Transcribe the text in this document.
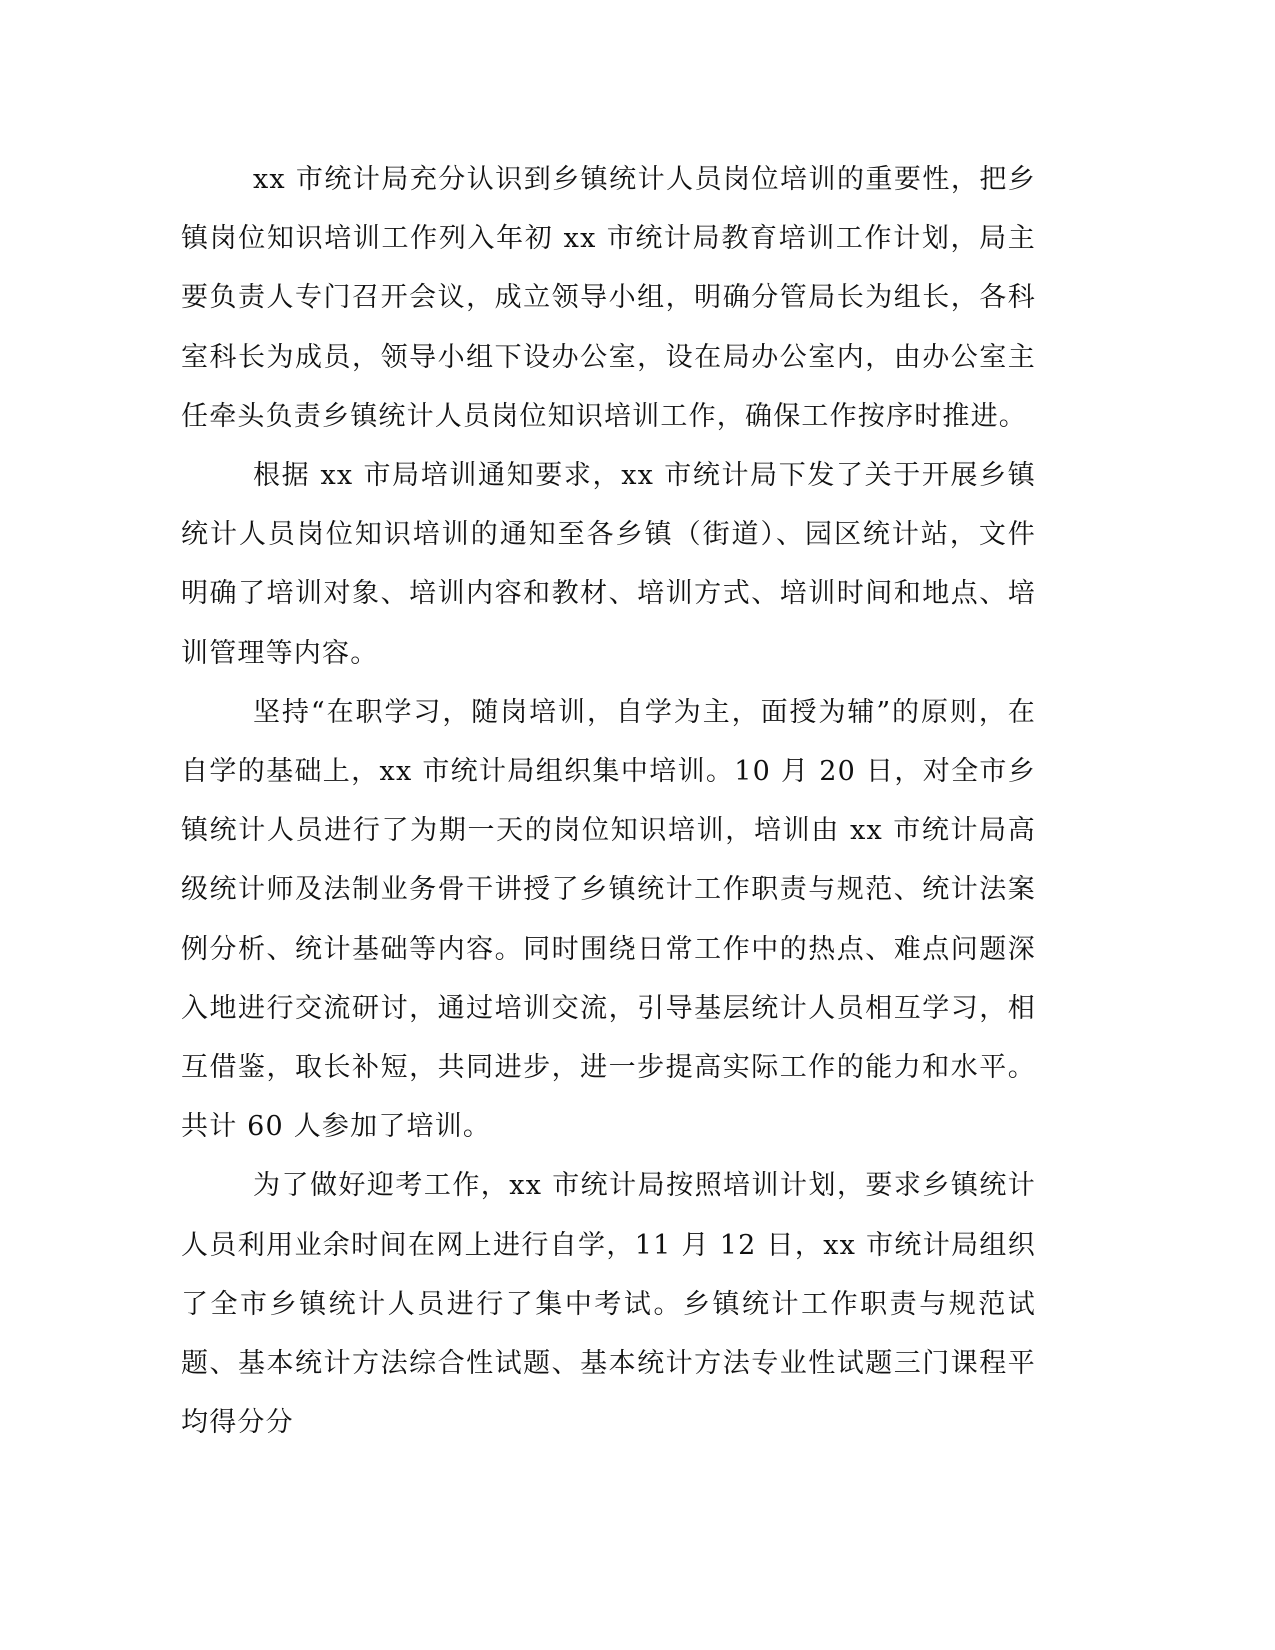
xx 市统计局充分认识到乡镇统计人员岗位培训的重要性，把乡镇岗位知识培训工作列入年初 xx 市统计局教育培训工作计划，局主要负责人专门召开会议，成立领导小组，明确分管局长为组长，各科室科长为成员，领导小组下设办公室，设在局办公室内，由办公室主任牵头负责乡镇统计人员岗位知识培训工作，确保工作按序时推进。

根据 xx 市局培训通知要求，xx 市统计局下发了关于开展乡镇统计人员岗位知识培训的通知至各乡镇（街道）、园区统计站，文件明确了培训对象、培训内容和教材、培训方式、培训时间和地点、培训管理等内容。

坚持“在职学习，随岗培训，自学为主，面授为辅”的原则，在自学的基础上，xx 市统计局组织集中培训。10 月 20 日，对全市乡镇统计人员进行了为期一天的岗位知识培训，培训由 xx 市统计局高级统计师及法制业务骨干讲授了乡镇统计工作职责与规范、统计法案例分析、统计基础等内容。同时围绕日常工作中的热点、难点问题深入地进行交流研讨，通过培训交流，引导基层统计人员相互学习，相互借鉴，取长补短，共同进步，进一步提高实际工作的能力和水平。共计 60 人参加了培训。

为了做好迎考工作，xx 市统计局按照培训计划，要求乡镇统计人员利用业余时间在网上进行自学，11 月 12 日，xx 市统计局组织了全市乡镇统计人员进行了集中考试。乡镇统计工作职责与规范试题、基本统计方法综合性试题、基本统计方法专业性试题三门课程平均得分分
